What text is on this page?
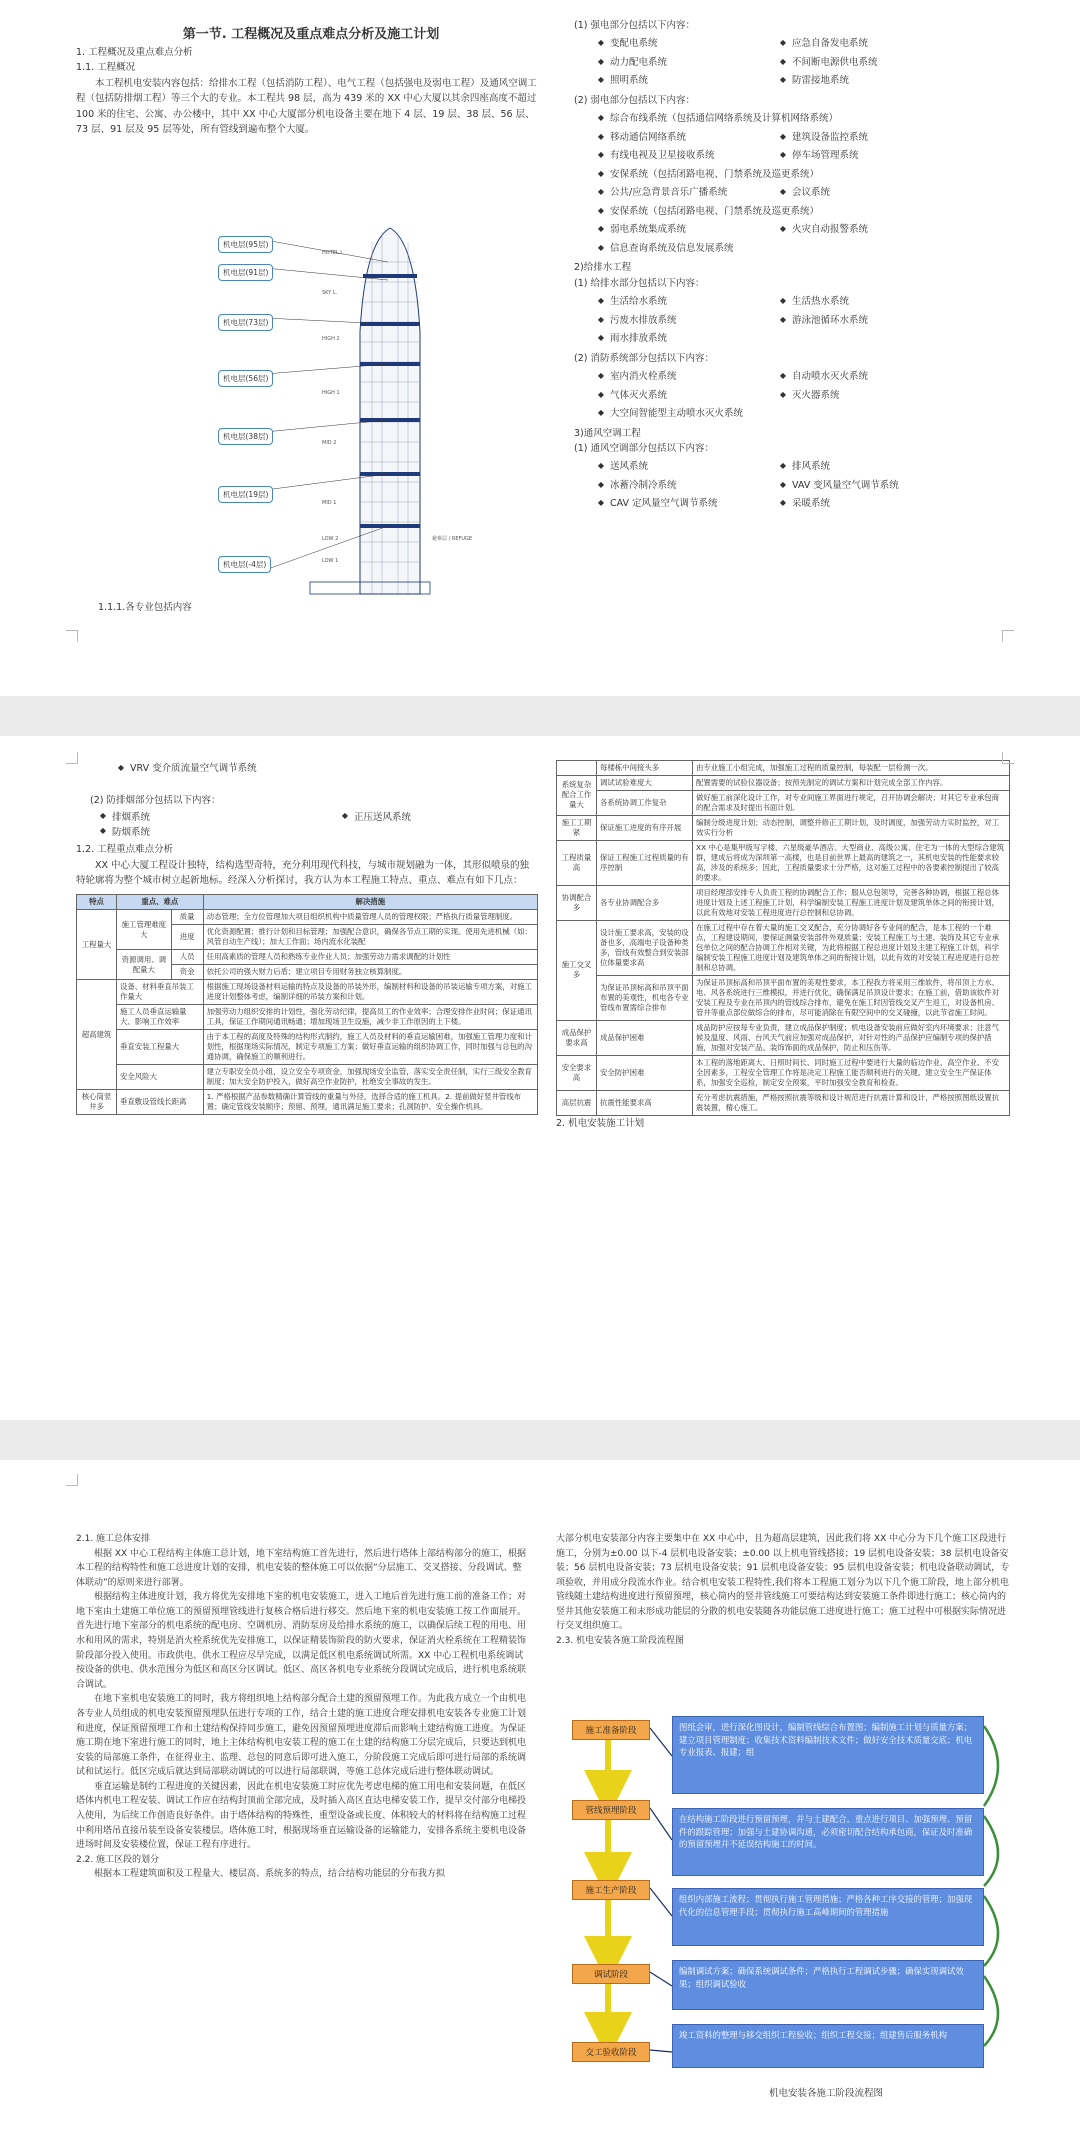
第一节. 工程概况及重点难点分析及施工计划

1. 工程概况及重点难点分析

1.1. 工程概况

本工程机电安装内容包括：给排水工程（包括消防工程）、电气工程（包括强电及弱电工程）及通风空调工程（包括防排烟工程）等三个大的专业。本工程共 98 层，高为 439 米的 XX 中心大厦以其余四座高度不超过 100 米的住宅、公寓、办公楼中，其中 XX 中心大厦部分机电设备主要在地下 4 层、19 层、38 层、56 层、73 层、91 层及 95 层等处，所有管线到遍布整个大厦。

HOTEL L.
SKY L.
HIGH 2
HIGH 1
MID 2
MID 1
LOW 2
LOW 1
避难层 / REFUGE
机电层(95层)
机电层(91层)
机电层(73层)
机电层(56层)
机电层(38层)
机电层(19层)
机电层(-4层)
1.1.1.各专业包括内容

(1) 强电部分包括以下内容：

◆ 变配电系统	◆ 应急自备发电系统
◆ 动力配电系统	◆ 不间断电源供电系统
◆ 照明系统	◆ 防雷接地系统

(2) 弱电部分包括以下内容：

◆ 综合布线系统（包括通信网络系统及计算机网络系统）
◆ 移动通信网络系统	◆ 建筑设备监控系统
◆ 有线电视及卫星接收系统	◆ 停车场管理系统
◆ 安保系统（包括闭路电视、门禁系统及巡更系统）
◆ 公共/应急背景音乐广播系统	◆ 会议系统
◆ 安保系统（包括闭路电视、门禁系统及巡更系统）
◆ 弱电系统集成系统	◆ 火灾自动报警系统
◆ 信息查询系统及信息发展系统

2)给排水工程

(1) 给排水部分包括以下内容：

◆ 生活给水系统	◆ 生活热水系统
◆ 污废水排放系统	◆ 游泳池循环水系统
◆ 雨水排放系统

(2) 消防系统部分包括以下内容：

◆ 室内消火栓系统	◆ 自动喷水灭火系统
◆ 气体灭火系统	◆ 灭火器系统
◆ 大空间智能型主动喷水灭火系统

3)通风空调工程

(1) 通风空调部分包括以下内容：

◆ 送风系统	◆ 排风系统
◆ 冰蓄冷制冷系统	◆ VAV 变风量空气调节系统
◆ CAV 定风量空气调节系统	◆ 采暖系统
◆ VRV 变介质流量空气调节系统

(2) 防排烟部分包括以下内容：

◆ 排烟系统	◆ 正压送风系统
◆ 防烟系统

1.2. 工程重点难点分析

XX 中心大厦工程设计独特，结构选型奇特，充分利用现代科技，与城市规划融为一体，其形似喷泉的独特轮廓将为整个城市树立起新地标。经深入分析探讨，我方认为本工程施工特点、重点、难点有如下几点：

特点	重点、难点		解决措施
工程量大	施工管理难度大	质量	动态管理；全方位管理加大项目组织机构中质量管理人员的管理权限；严格执行质量管理制度。
		进度	优化资源配置；推行计划和目标管理；加强配合意识，确保各节点工期的实现。使用先进机械（如：风管自动生产线）；加大工作面；场内流水化装配
	资源调用、调配量大	人员	任用高素质的管理人员和熟练专业作业人员；加强劳动力需求调配的计划性
		资金	依托公司的强大财力后盾；建立项目专用财务独立核算制度。
超高建筑	设备、材料垂直吊装工作量大		根据施工现场设备材料运输的特点及设备的吊装外形，编制材料和设备的吊装运输专项方案，对施工进度计划整体考虑，编制详细的吊装方案和计划。
	施工人员垂直运输量大、影响工作效率		加强劳动力组织安排的计划性，强化劳动纪律，提高员工的作业效率；合理安排作业时间；保证通讯工具，保证工作期间通讯畅通；增加现场卫生设施，减少非工作原因的上下楼。
	垂直安装工程量大		由于本工程的高度及特殊的结构形式制约，施工人员及材料的垂直运输困难，加强施工管理力度和计划性，根据现场实际情况，制定专项施工方案；做好垂直运输的组织协调工作，同时加强与总包的沟通协调，确保施工的顺利进行。
	安全风险大		建立专职安全员小组，设立安全专项资金，加强现场安全监管，落实安全责任制，实行三级安全教育制度；加大安全防护投入，做好高空作业防护，杜绝安全事故的发生。
核心筒竖井多	垂直敷设管线长距离		1. 严格根据产品参数精确计算管线的重量与外径，选择合适的施工机具。2. 提前做好竖井管线布置；确定管线安装顺序；预留、预埋，通讯满足施工要求；孔洞防护、安全操作机具。
	每楼栋中间接头多	由专业施工小组完成，加强施工过程的质量控制，每装配一层检测一次。
系统复杂配合工作量大	调试试验难度大	配置需要的试验仪器设备；按预先制定的调试方案和计划完成全部工作内容。
	各系统协调工作复杂	做好施工前深化设计工作，对专业间施工界面进行规定，召开协调会解决；对其它专业承包商的配合需求及时提出书面计划。
施工工期紧	保证施工进度的有序开展	编制分级进度计划；动态控制，调整并修正工期计划，及时调度，加强劳动力实时监控，对工效实行分析
工程质量高	保证工程施工过程质量的有序控制	XX 中心是集甲级写字楼、六星级豪华酒店、大型商业、高级公寓、住宅为一体的大型综合建筑群，建成后将成为深圳第一高楼，也是目前世界上最高的建筑之一，其机电安装的性能要求较高，涉及的系统多；因此，工程质量要求十分严格，这对施工过程中的各要素控制提出了较高的要求。
协调配合多	各专业协调配合多	项目经理部安排专人负责工程的协调配合工作；服从总包领导，完善各种协调，根据工程总体进度计划及上述工程施工计划，科学编制安装工程施工进度计划及建筑单体之间的衔接计划，以此有效地对安装工程进度进行总控制和总协调。
施工交叉多	设计施工要求高，安装的设备也多，高端电子设备种类多，管线有效整合到安装部位体量要求高	在施工过程中存在着大量的施工交叉配合，充分协调好各专业间的配合，是本工程的一个难点，工程建设期间，要保证测量安装部件外观质量；安装工程施工与土建、装饰及其它专业承包单位之间的配合协调工作相对关键，为此将根据工程总进度计划及主建工程施工计划，科学编制安装工程施工进度计划及建筑单体之间的衔接计划，以此有效的对安装工程进度进行总控制和总协调。
	为保证吊顶标高和吊顶平面布置的美观性，机电各专业管线布置需综合排布	为保证吊顶标高和吊顶平面布置的美观性要求，本工程我方将采用三维软件，将吊顶上方水、电、风各系统进行三维模拟，并进行优化，确保满足吊顶设计要求；在施工前，借助该软件对安装工程及专业在吊顶内的管线综合排布，避免在施工时因管线交叉产生返工，对设备机房、管井等重点部位做综合的排布，尽可能消除在有限空间中的交叉碰撞，以此节省施工时间。
成品保护要求高	成品保护困难	成品防护应按每专业负责，建立成品保护制度；机电设备安装前应做好室内环境要求；注意气候及温度、风雨、台风天气前应加强对成品保护，对针对性的产品保护应编制专项的保护措施，加强对安装产品、装饰饰面的成品保护，防止和压伤等。
安全要求高	安全防护困难	本工程的落地距离大、日照时间长、同时施工过程中要进行大量的临边作业、高空作业、不安全因素多，工程安全管理工作将是决定工程施工能否顺利进行的关键。建立安全生产保证体系，加强安全巡检，制定安全预案，平时加强安全教育和检查。
高层抗震	抗震性能要求高	充分考虑抗震措施，严格按照抗震等级和设计规范进行抗震计算和设计，严格按照图纸设置抗震装置，精心施工。

2. 机电安装施工计划

2.1. 施工总体安排

根据 XX 中心工程结构主体施工总计划，地下室结构施工首先进行，然后进行塔体上部结构部分的施工，根据本工程的结构特性和施工总进度计划的安排，机电安装的整体施工可以依据“分层施工、交叉搭接、分段调试、整体联动”的原则来进行部署。

根据结构主体进度计划，我方将优先安排地下室的机电安装施工，进入工地后首先进行施工前的准备工作；对地下室由土建施工单位施工的预留预埋管线进行复核合格后进行移交。然后地下室的机电安装施工按工作面展开。首先进行地下室部分的机电系统的配电房、空调机房、消防泵房及给排水系统的施工，以确保后续工程的用电、用水和用风的需求，特别是消火栓系统优先安排施工，以保证精装饰阶段的防火要求，保证消火栓系统在工程精装饰阶段部分投入使用。市政供电、供水工程应尽早完成，以满足低区机电系统调试所需。XX 中心工程机电系统调试按设备的供电、供水范围分为低区和高区分区调试。低区、高区各机电专业系统分段调试完成后，进行机电系统联合调试。

在地下室机电安装施工的同时，我方将组织地上结构部分配合土建的预留预埋工作。为此我方成立一个由机电各专业人员组成的机电安装预留预埋队伍进行专项的工作，结合土建的施工进度合理安排机电安装各专业施工计划和进度，保证预留预埋工作和土建结构保持同步施工，避免因预留预埋进度滞后而影响土建结构施工进度。为保证施工期在地下室进行施工的同时，地上主体结构机电安装工程的施工在土建的结构施工分层完成后，只要达到机电安装的局部施工条件，在征得业主、监理、总包的同意后即可进入施工，分阶段施工完成后即可进行局部的系统调试和试运行。低区完成后就达到局部联动调试的可以进行局部联调，等施工总体完成后进行整体联动调试。

垂直运输是制约工程进度的关键因素，因此在机电安装施工时应优先考虑电梯的施工用电和安装问题，在低区塔体内机电工程安装、调试工作应在结构封顶前全部完成，及时插入高区直达电梯安装工作，提早交付部分电梯投入使用，为后续工作创造良好条件。由于塔体结构的特殊性，重型设备或长度、体积较大的材料将在结构施工过程中利用塔吊直接吊装至设备安装楼层。塔体施工时，根据现场垂直运输设备的运输能力，安排各系统主要机电设备进场时间及安装楼位置，保证工程有序进行。

2.2. 施工区段的划分

根据本工程建筑面积及工程量大、楼层高、系统多的特点，结合结构功能层的分布我方拟

大部分机电安装部分内容主要集中在 XX 中心中，且为超高层建筑，因此我们将 XX 中心分为下几个施工区段进行施工，分别为±0.00 以下-4 层机电设备安装；±0.00 以上机电管线搭接；19 层机电设备安装；38 层机电设备安装；56 层机电设备安装；73 层机电设备安装；91 层机电设备安装；95 层机电设备安装；机电设备联动调试，专项验收，并用成分段流水作业。结合机电安装工程特性,我们将本工程施工划分为以下几个施工阶段，地上部分机电管线随土建结构进度进行预留预埋，核心筒内的竖井管线施工可要结构达到安装施工条件即进行施工；核心筒内的竖井其他安装施工和末形成功能层的分散的机电安装随各功能层施工进度进行施工；施工过程中可根据实际情况进行交叉组织施工。

2.3. 机电安装各施工阶段流程图

施工准备阶段
管线预埋阶段
施工生产阶段
调试阶段
交工验收阶段
图纸会审，进行深化图设计，编制管线综合布置图；编制施工计划与质量方案；建立项目管理制度；收集技术资料编制技术文件；做好安全技术质量交底；机电专业报表、报建；组
在结构施工阶段进行预留预埋，并与土建配合。重点进行项目、加强预埋、预留件的跟踪管理；加强与土建协调沟通，必须密切配合结构承包商，保证及时准确的预留预埋并不延误结构施工的时间。
组织内部施工流程；贯彻执行施工管理措施；严格各种工序交接的管理；加强现代化的信息管理手段；贯彻执行施工高峰期间的管理措施
编制调试方案；确保系统调试条件；严格执行工程调试步骤；确保实现调试效果；组织调试验收
竣工资料的整理与移交组织工程验收；组织工程交接；组建售后服务机构
机电安装各施工阶段流程图
